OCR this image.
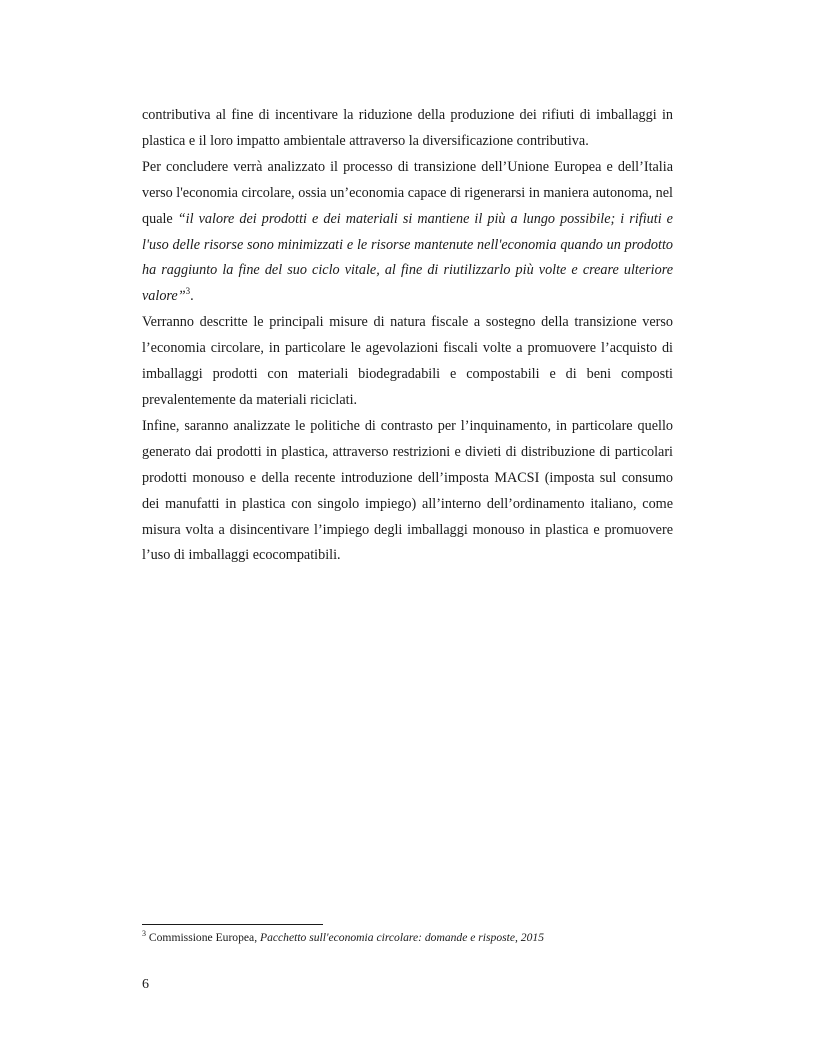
contributiva al fine di incentivare la riduzione della produzione dei rifiuti di imballaggi in plastica e il loro impatto ambientale attraverso la diversificazione contributiva.

Per concludere verrà analizzato il processo di transizione dell’Unione Europea e dell’Italia verso l'economia circolare, ossia un’economia capace di rigenerarsi in maniera autonoma, nel quale “il valore dei prodotti e dei materiali si mantiene il più a lungo possibile; i rifiuti e l'uso delle risorse sono minimizzati e le risorse mantenute nell'economia quando un prodotto ha raggiunto la fine del suo ciclo vitale, al fine di riutilizzarlo più volte e creare ulteriore valore”$^3$.

Verranno descritte le principali misure di natura fiscale a sostegno della transizione verso l’economia circolare, in particolare le agevolazioni fiscali volte a promuovere l’acquisto di imballaggi prodotti con materiali biodegradabili e compostabili e di beni composti prevalentemente da materiali riciclati.

Infine, saranno analizzate le politiche di contrasto per l’inquinamento, in particolare quello generato dai prodotti in plastica, attraverso restrizioni e divieti di distribuzione di particolari prodotti monouso e della recente introduzione dell’imposta MACSI (imposta sul consumo dei manufatti in plastica con singolo impiego) all’interno dell’ordinamento italiano, come misura volta a disincentivare l’impiego degli imballaggi monouso in plastica e promuovere l’uso di imballaggi ecocompatibili.

$^3$ Commissione Europea, Pacchetto sull'economia circolare: domande e risposte, 2015
6
